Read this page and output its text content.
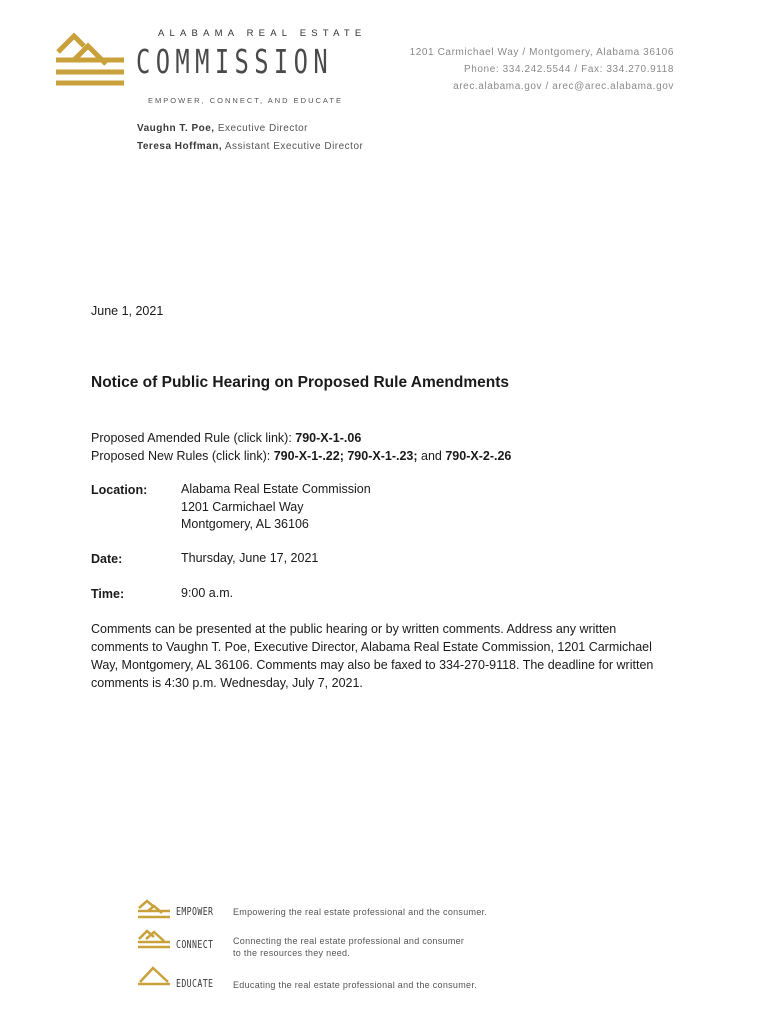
ALABAMA REAL ESTATE
COMMISSION
EMPOWER, CONNECT, AND EDUCATE
1201 Carmichael Way / Montgomery, Alabama 36106
Phone: 334.242.5544 / Fax: 334.270.9118
arec.alabama.gov / arec@arec.alabama.gov
Vaughn T. Poe, Executive Director
Teresa Hoffman, Assistant Executive Director
June 1, 2021
Notice of Public Hearing on Proposed Rule Amendments
Proposed Amended Rule (click link): 790-X-1-.06
Proposed New Rules (click link): 790-X-1-.22; 790-X-1-.23; and 790-X-2-.26
Location:	Alabama Real Estate Commission
1201 Carmichael Way
Montgomery, AL 36106
Date:	Thursday, June 17, 2021
Time:	9:00 a.m.
Comments can be presented at the public hearing or by written comments. Address any written
comments to Vaughn T. Poe, Executive Director, Alabama Real Estate Commission, 1201 Carmichael
Way, Montgomery, AL 36106. Comments may also be faxed to 334-270-9118. The deadline for written
comments is 4:30 p.m. Wednesday, July 7, 2021.
EMPOWER Empowering the real estate professional and the consumer.
CONNECT Connecting the real estate professional and consumer
to the resources they need.
EDUCATE Educating the real estate professional and the consumer.
